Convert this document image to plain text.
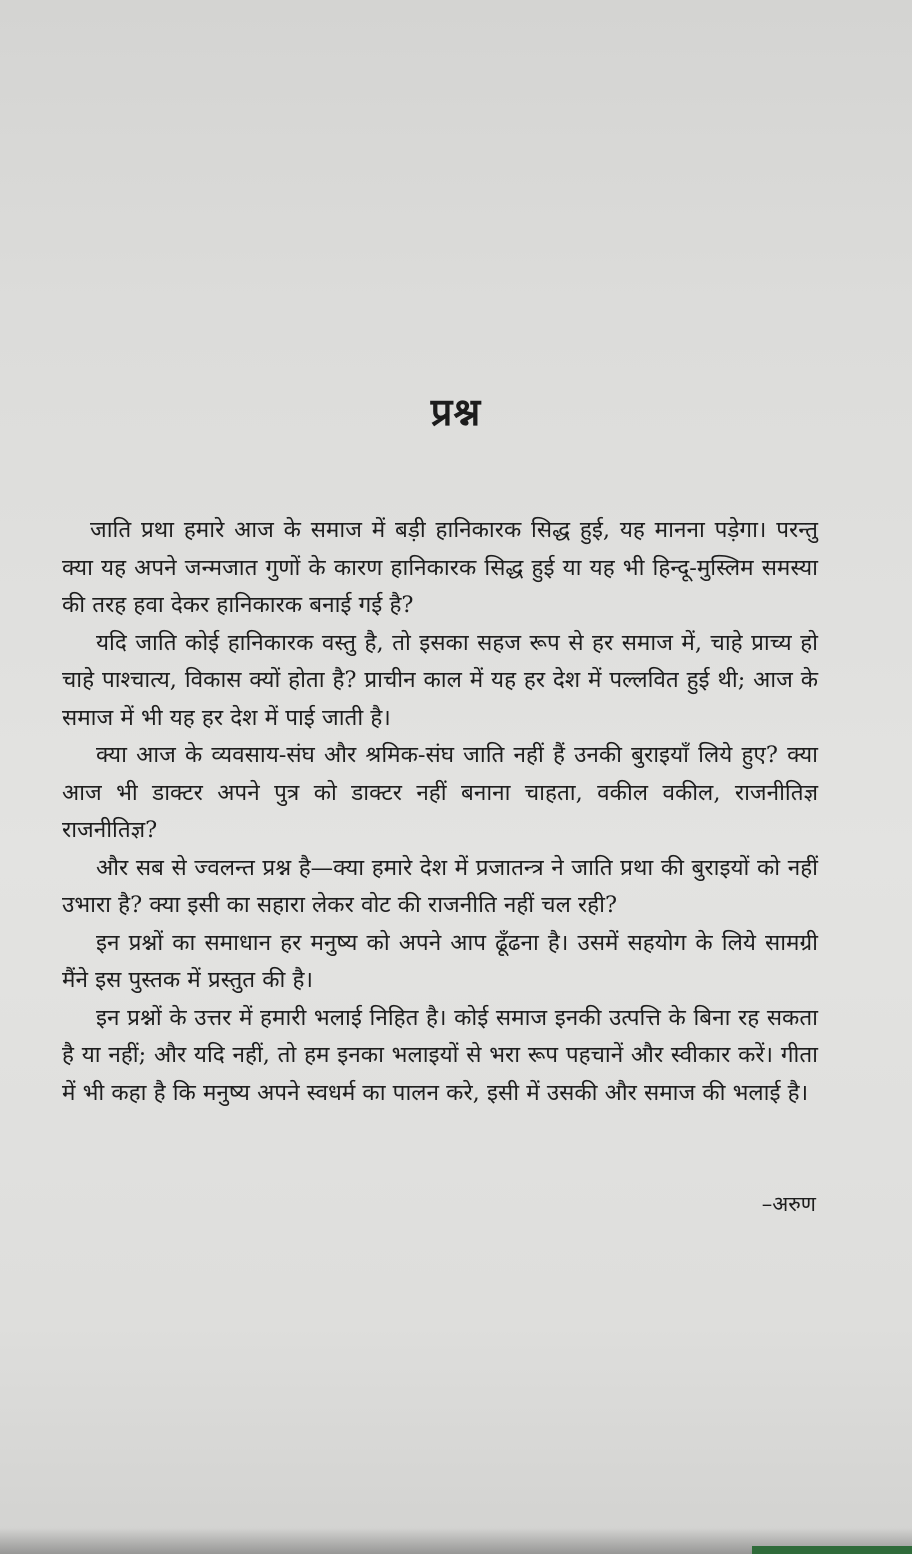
प्रश्न

जाति प्रथा हमारे आज के समाज में बड़ी हानिकारक सिद्ध हुई, यह मानना पड़ेगा। परन्तु क्या यह अपने जन्मजात गुणों के कारण हानिकारक सिद्ध हुई या यह भी हिन्दू-मुस्लिम समस्या की तरह हवा देकर हानिकारक बनाई गई है?

यदि जाति कोई हानिकारक वस्तु है, तो इसका सहज रूप से हर समाज में, चाहे प्राच्य हो चाहे पाश्चात्य, विकास क्यों होता है? प्राचीन काल में यह हर देश में पल्लवित हुई थी; आज के समाज में भी यह हर देश में पाई जाती है।

क्या आज के व्यवसाय-संघ और श्रमिक-संघ जाति नहीं हैं उनकी बुराइयाँ लिये हुए? क्या आज भी डाक्टर अपने पुत्र को डाक्टर नहीं बनाना चाहता, वकील वकील, राजनीतिज्ञ राजनीतिज्ञ?

और सब से ज्वलन्त प्रश्न है—क्या हमारे देश में प्रजातन्त्र ने जाति प्रथा की बुराइयों को नहीं उभारा है? क्या इसी का सहारा लेकर वोट की राजनीति नहीं चल रही?

इन प्रश्नों का समाधान हर मनुष्य को अपने आप ढूँढना है। उसमें सहयोग के लिये सामग्री मैंने इस पुस्तक में प्रस्तुत की है।

इन प्रश्नों के उत्तर में हमारी भलाई निहित है। कोई समाज इनकी उत्पत्ति के बिना रह सकता है या नहीं; और यदि नहीं, तो हम इनका भलाइयों से भरा रूप पहचानें और स्वीकार करें। गीता में भी कहा है कि मनुष्य अपने स्वधर्म का पालन करे, इसी में उसकी और समाज की भलाई है।

–अरुण
